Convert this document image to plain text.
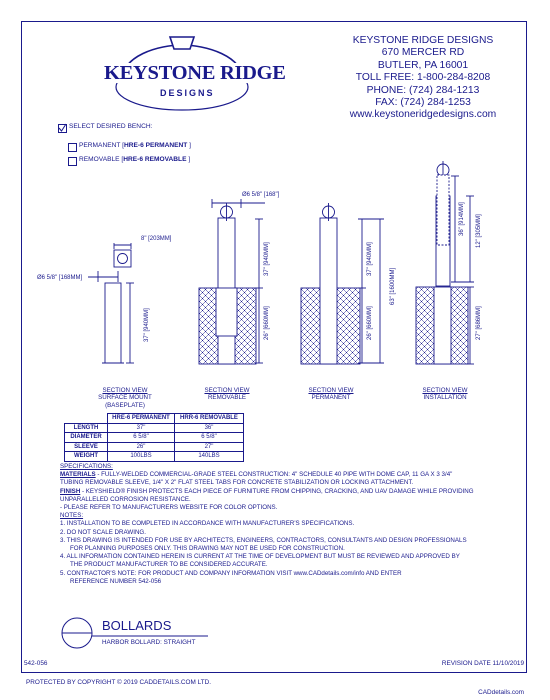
KEYSTONE RIDGE
DESIGNS
KEYSTONE RIDGE DESIGNS
670 MERCER RD
BUTLER, PA 16001
TOLL FREE: 1-800-284-8208
PHONE: (724) 284-1213
FAX: (724) 284-1253
www.keystoneridgedesigns.com
SELECT DESIRED BENCH:
PERMANENT [HRE-6 PERMANENT ]
REMOVABLE [HRE-6 REMOVABLE ]
Ø6 5/8" [168"]
8" [203MM]
Ø6 5/8" [168MM]
37" [940MM]
37" [940MM]
26" [660MM]
37" [940MM]
63" [1600MM]
26" [660MM]
36" [914MM] 12" [305MM]
27" [686MM]
SECTION VIEW
SURFACE MOUNT
(BASEPLATE)
SECTION VIEW
REMOVABLE
SECTION VIEW
PERMANENT
SECTION VIEW
INSTALLATION
	HRE-6 PERMANENT	HRR-6 REMOVABLE
LENGTH	37"	36"
DIAMETER	6 5/8"	6 5/8"
SLEEVE	26"	27"
WEIGHT	100LBS	140LBS
SPECIFICATIONS:
MATERIALS - FULLY-WELDED COMMERCIAL-GRADE STEEL CONSTRUCTION: 4" SCHEDULE 40 PIPE WITH DOME CAP, 11 GA X 3 3/4"
TUBING REMOVABLE SLEEVE, 1/4" X 2" FLAT STEEL TABS FOR CONCRETE STABILIZATION OR LOCKING ATTACHMENT.
FINISH - KEYSHIELD® FINISH PROTECTS EACH PIECE OF FURNITURE FROM CHIPPING, CRACKING, AND UAV DAMAGE WHILE PROVIDING
UNPARALLELED CORROSION RESISTANCE.
- PLEASE REFER TO MANUFACTURERS WEBSITE FOR COLOR OPTIONS.
NOTES:
1. INSTALLATION TO BE COMPLETED IN ACCORDANCE WITH MANUFACTURER'S SPECIFICATIONS.
2. DO NOT SCALE DRAWING.
3. THIS DRAWING IS INTENDED FOR USE BY ARCHITECTS, ENGINEERS, CONTRACTORS, CONSULTANTS AND DESIGN PROFESSIONALS
FOR PLANNING PURPOSES ONLY. THIS DRAWING MAY NOT BE USED FOR CONSTRUCTION.
4. ALL INFORMATION CONTAINED HEREIN IS CURRENT AT THE TIME OF DEVELOPMENT BUT MUST BE REVIEWED AND APPROVED BY
THE PRODUCT MANUFACTURER TO BE CONSIDERED ACCURATE.
5. CONTRACTOR'S NOTE: FOR PRODUCT AND COMPANY INFORMATION VISIT www.CADdetails.com/info AND ENTER
REFERENCE NUMBER 542-056
BOLLARDS
HARBOR BOLLARD: STRAIGHT
542-056	REVISION DATE 11/10/2019
PROTECTED BY COPYRIGHT © 2019 CADDETAILS.COM LTD.
CADdetails.com
